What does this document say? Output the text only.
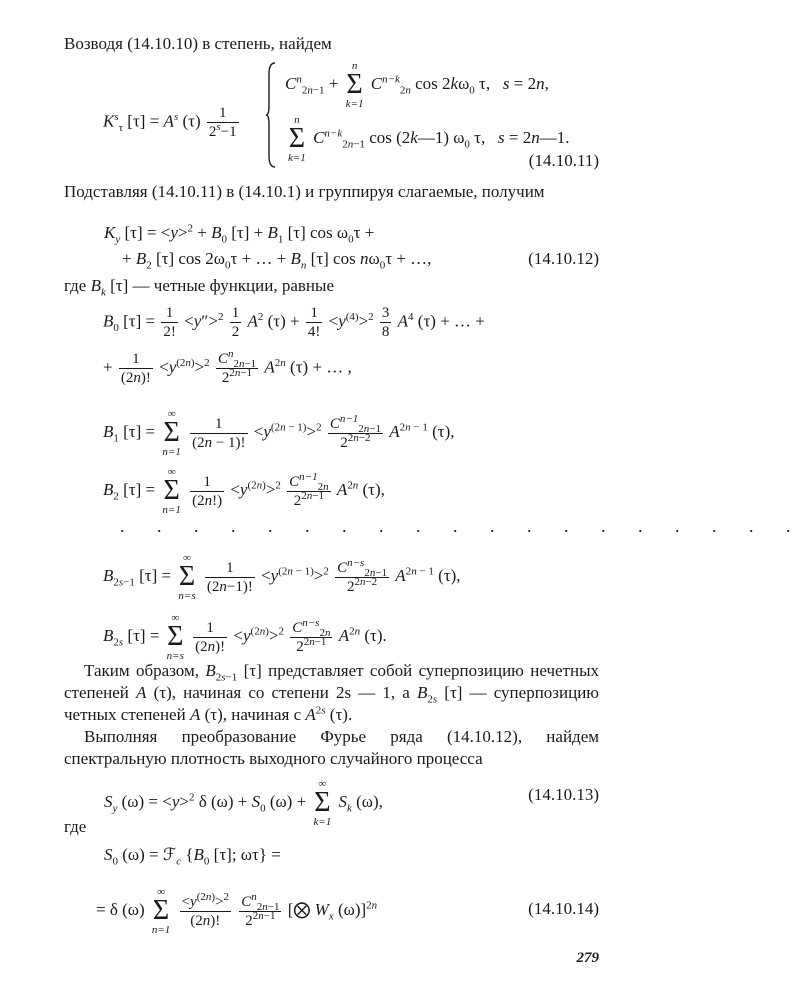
Возводя (14.10.10) в степень, найдем
$K^s_\tau$ $[\tau] = A^s$ $(\tau) \frac{1}{2^s-1}$
$C^n_{2n-1}$ +
n
Σ
k=1
$C^{n-k}_{2n}$ $\cos 2k\omega_0$ τ,   s = 2n,
n
Σ
k=1
$C^{n-k}_{2n-1}$ cos (2k—1) $\omega_0$ τ,   s = 2n—1.
(14.10.11)
Подставляя (14.10.11) в (14.10.1) и группируя слагаемые, получим
$K_y$ $[\tau] = <y>^2 + B_0$ $[\tau] + B_1$ [τ] $\cos \omega_0\tau$ +
+ $B_2$ [τ] $\cos 2\omega_0\tau$ + … + $B_n$ [τ] $\cos n\omega_0\tau$ + …,	(14.10.12)
где $B_k$ [τ] — четные функции, равные
$B_0$ $[\tau] = \frac{1}{2!} <y''>^2 \frac{1}{2} A^2$ $(\tau) + \frac{1}{4!} <y^{(4)}>^2 \frac{3}{8} A^4$ (τ) + … +
+ $\frac{1}{(2n)!} <y^{(2n)}>^2 \frac{C^n_{2n-1}}{2^{2n-1}} A^{2n}$ (τ) + … ,
$B_1$ [τ] =
∞
Σ
n=1

$\frac{1}{(2n - 1)!} <y^{(2n - 1)}>^2 \frac{C^{n-1}_{2n-1}}{2^{2n-2}} A^{2n - 1}$ (τ),
$B_2$ [τ] =
∞
Σ
n=1

$\frac{1}{(2n!)} <y^{(2n)}>^2 \frac{C^{n-1}_{2n}}{2^{2n-1}} A^{2n}$ (τ),
. . . . . . . . . . . . . . . . . . .
$B_{2s-1}$ [τ] =
∞
Σ
n=s

$\frac{1}{(2n-1)!} <y^{(2n - 1)}>^2 \frac{C^{n-s}_{2n-1}}{2^{2n-2}} A^{2n - 1}$ (τ),
$B_{2s}$ [τ] =
∞
Σ
n=s

$\frac{1}{(2n)!} <y^{(2n)}>^2 \frac{C^{n-s}_{2n}}{2^{2n-1}} A^{2n}$ (τ).
Таким образом, $B_{2s-1}$ [τ] представляет собой суперпозицию нечетных степеней A (τ), начиная со степени 2s — 1, а $B_{2s}$ [τ] — суперпозицию четных степеней A (τ), начиная с $A^{2s}$ (τ).
Выполняя преобразование Фурье ряда (14.10.12), найдем спектральную плотность выходного случайного процесса
$S_y$ (ω) = <y>$^2$ δ $(\omega) + S_0$ (ω) +
∞
Σ
k=1
$S_k$ (ω),	(14.10.13)
где
$S_0$ (ω) = ℱ$_c$ {$B_0$ [τ]; ωτ} =
= δ (ω)
∞
Σ
n=1

$\frac{<y^{(2n)}>^2}{(2n)!}$
$\frac{C^n_{2n-1}}{2^{2n-1}}$ [⨂ $W_x$ (ω)]$^{2n}$	(14.10.14)
279
